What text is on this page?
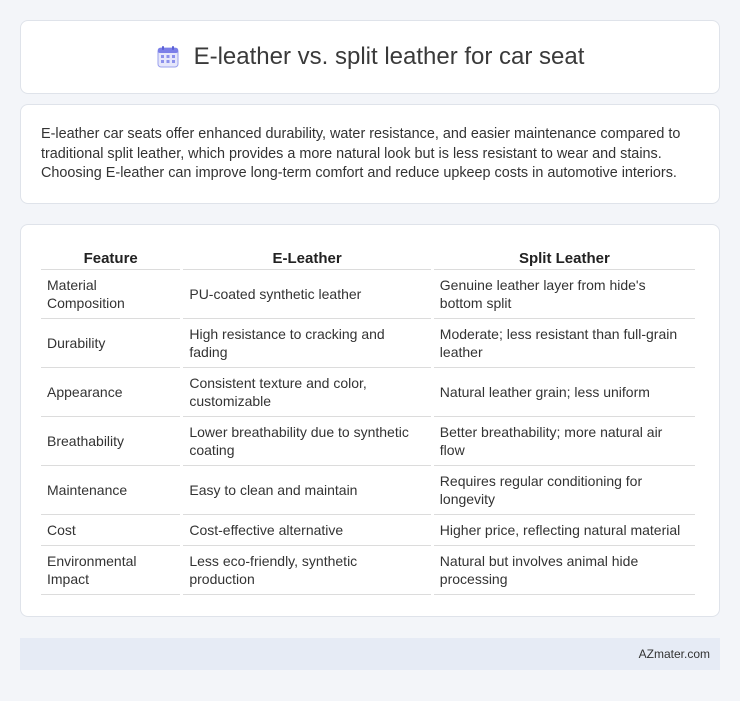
E-leather vs. split leather for car seat

E-leather car seats offer enhanced durability, water resistance, and easier maintenance compared to traditional split leather, which provides a more natural look but is less resistant to wear and stains. Choosing E-leather can improve long-term comfort and reduce upkeep costs in automotive interiors.

Feature	E-Leather	Split Leather
Material Composition	PU-coated synthetic leather	Genuine leather layer from hide's bottom split
Durability	High resistance to cracking and fading	Moderate; less resistant than full-grain leather
Appearance	Consistent texture and color, customizable	Natural leather grain; less uniform
Breathability	Lower breathability due to synthetic coating	Better breathability; more natural air flow
Maintenance	Easy to clean and maintain	Requires regular conditioning for longevity
Cost	Cost-effective alternative	Higher price, reflecting natural material
Environmental Impact	Less eco-friendly, synthetic production	Natural but involves animal hide processing
AZmater.com
